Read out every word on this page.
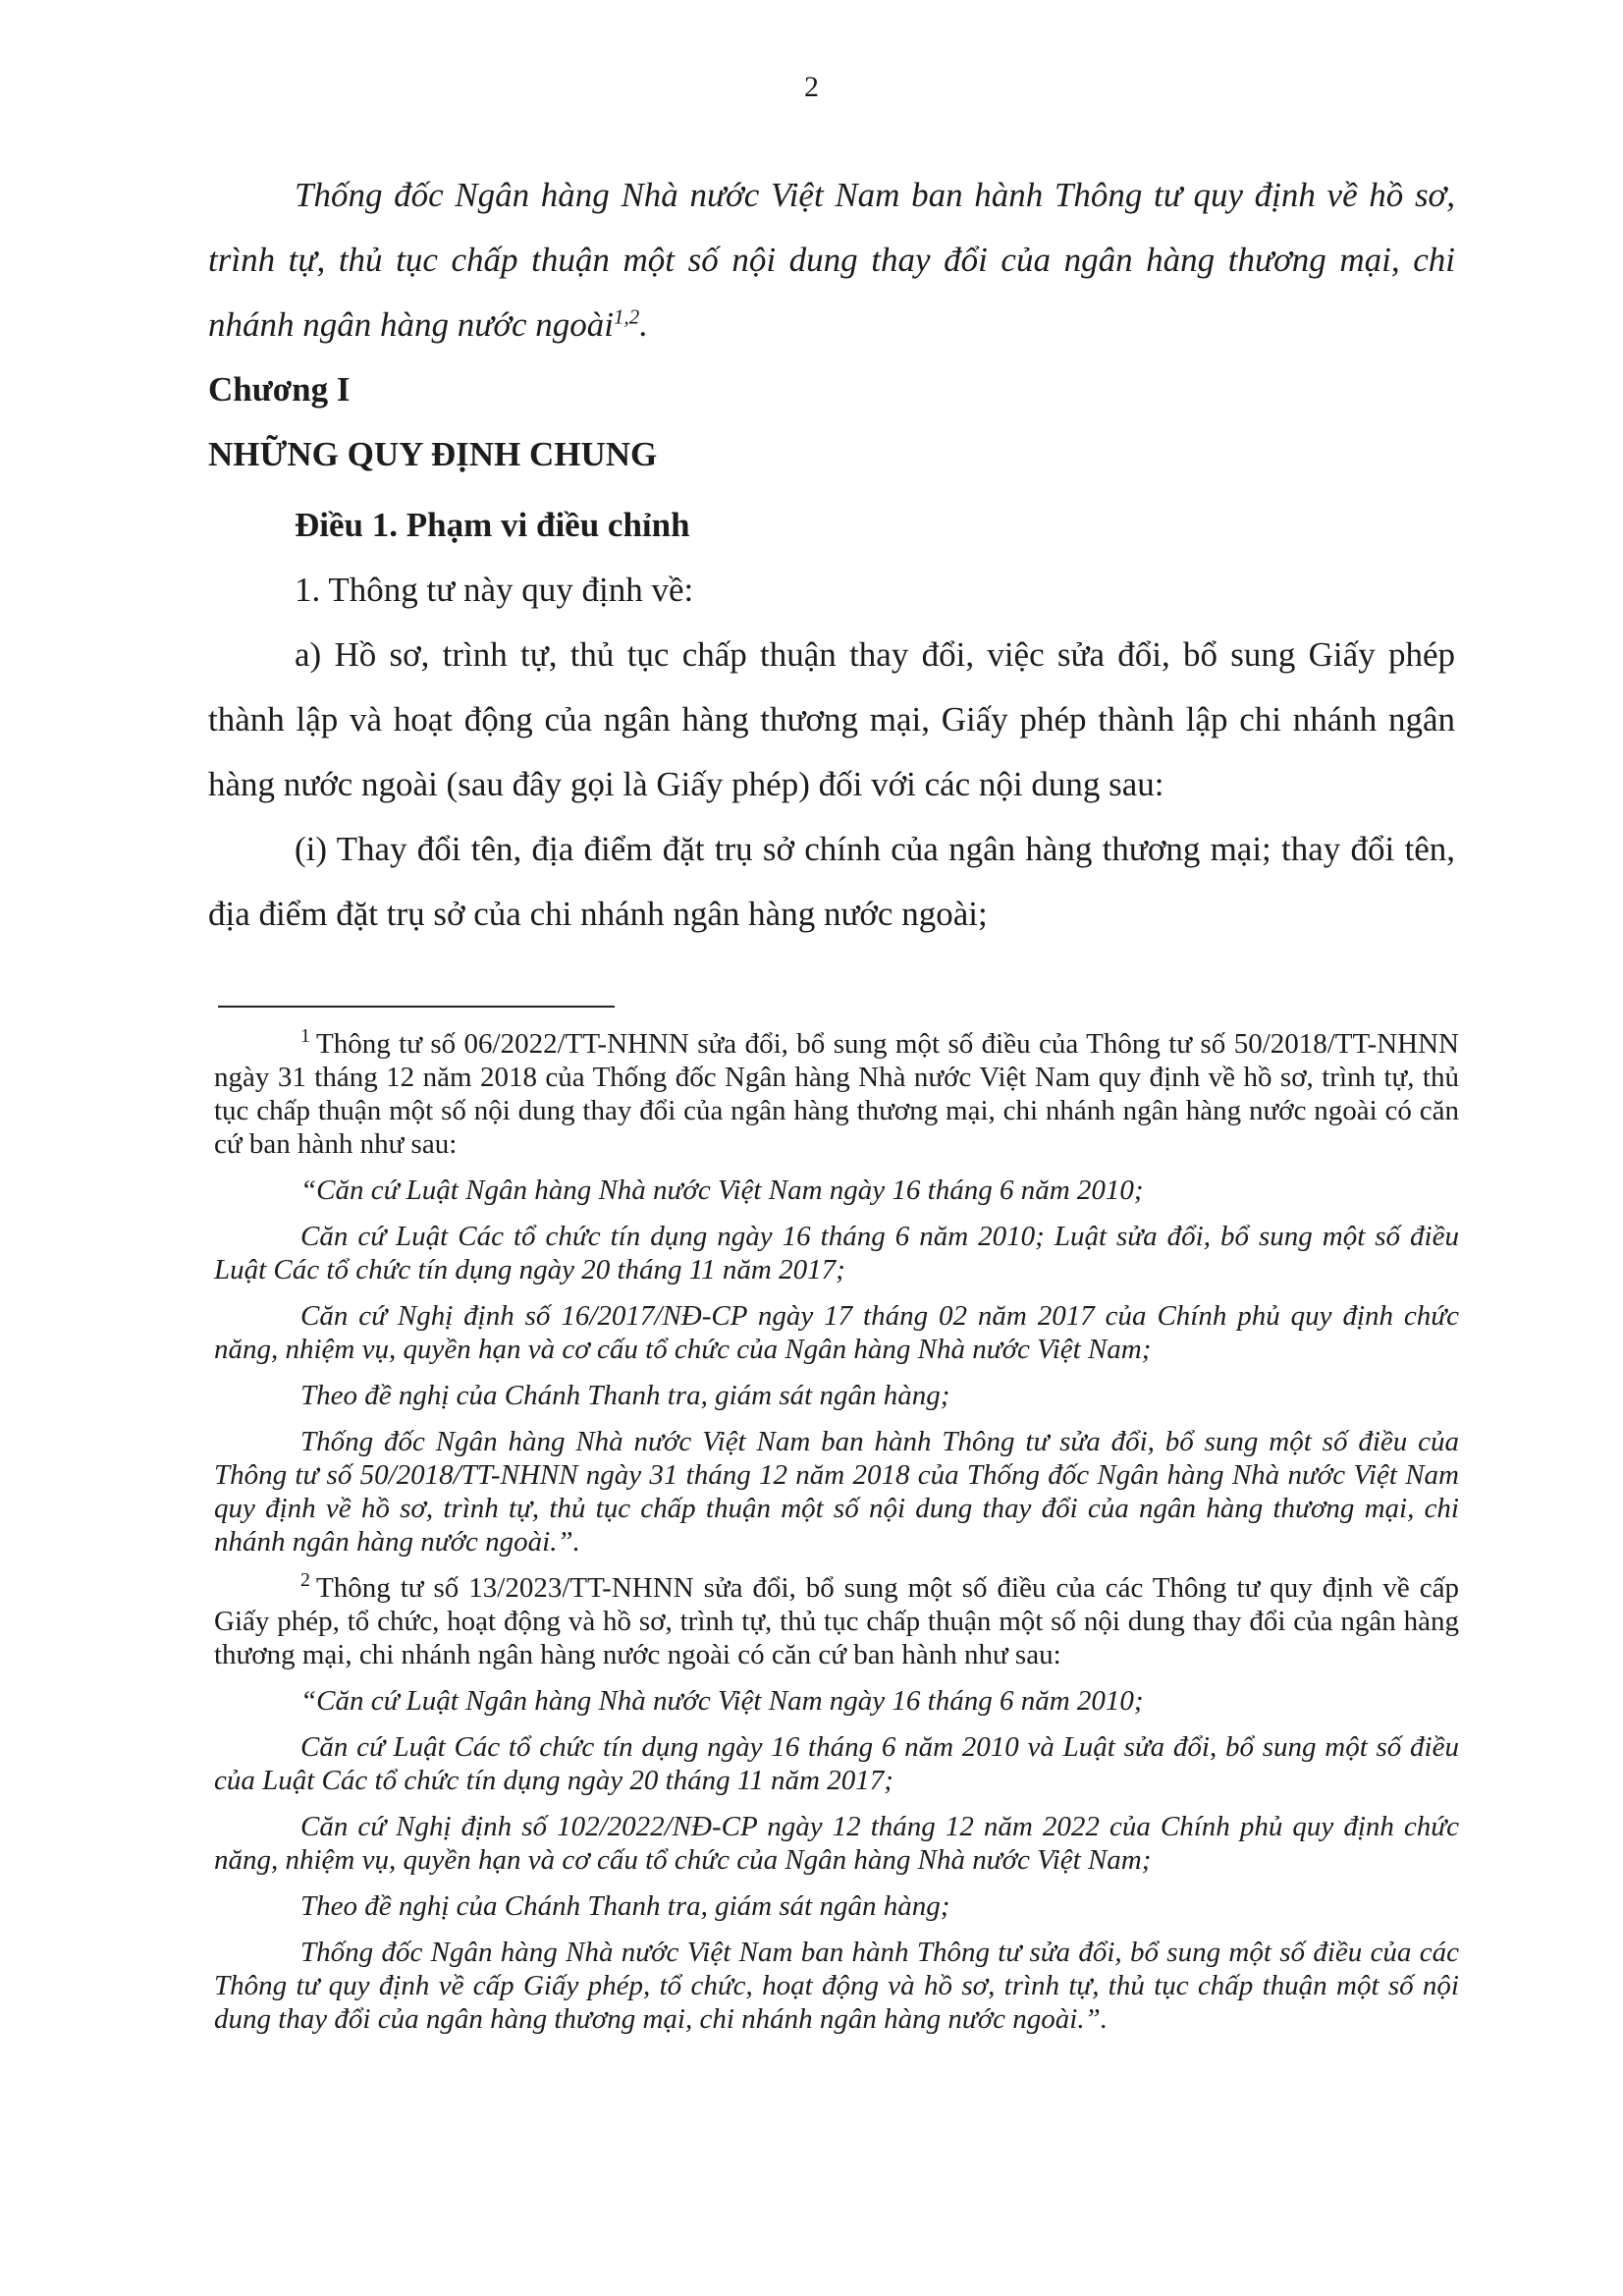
2

Thống đốc Ngân hàng Nhà nước Việt Nam ban hành Thông tư quy định về hồ sơ, trình tự, thủ tục chấp thuận một số nội dung thay đổi của ngân hàng thương mại, chi nhánh ngân hàng nước ngoài$^{1,2}$.

Chương I

NHỮNG QUY ĐỊNH CHUNG

Điều 1. Phạm vi điều chỉnh

1. Thông tư này quy định về:

a) Hồ sơ, trình tự, thủ tục chấp thuận thay đổi, việc sửa đổi, bổ sung Giấy phép thành lập và hoạt động của ngân hàng thương mại, Giấy phép thành lập chi nhánh ngân hàng nước ngoài (sau đây gọi là Giấy phép) đối với các nội dung sau:

(i) Thay đổi tên, địa điểm đặt trụ sở chính của ngân hàng thương mại; thay đổi tên, địa điểm đặt trụ sở của chi nhánh ngân hàng nước ngoài;

$^1$ Thông tư số 06/2022/TT-NHNN sửa đổi, bổ sung một số điều của Thông tư số 50/2018/TT-NHNN ngày 31 tháng 12 năm 2018 của Thống đốc Ngân hàng Nhà nước Việt Nam quy định về hồ sơ, trình tự, thủ tục chấp thuận một số nội dung thay đổi của ngân hàng thương mại, chi nhánh ngân hàng nước ngoài có căn cứ ban hành như sau:

“Căn cứ Luật Ngân hàng Nhà nước Việt Nam ngày 16 tháng 6 năm 2010;

Căn cứ Luật Các tổ chức tín dụng ngày 16 tháng 6 năm 2010; Luật sửa đổi, bổ sung một số điều Luật Các tổ chức tín dụng ngày 20 tháng 11 năm 2017;

Căn cứ Nghị định số 16/2017/NĐ-CP ngày 17 tháng 02 năm 2017 của Chính phủ quy định chức năng, nhiệm vụ, quyền hạn và cơ cấu tổ chức của Ngân hàng Nhà nước Việt Nam;

Theo đề nghị của Chánh Thanh tra, giám sát ngân hàng;

Thống đốc Ngân hàng Nhà nước Việt Nam ban hành Thông tư sửa đổi, bổ sung một số điều của Thông tư số 50/2018/TT-NHNN ngày 31 tháng 12 năm 2018 của Thống đốc Ngân hàng Nhà nước Việt Nam quy định về hồ sơ, trình tự, thủ tục chấp thuận một số nội dung thay đổi của ngân hàng thương mại, chi nhánh ngân hàng nước ngoài.”.

$^2$ Thông tư số 13/2023/TT-NHNN sửa đổi, bổ sung một số điều của các Thông tư quy định về cấp Giấy phép, tổ chức, hoạt động và hồ sơ, trình tự, thủ tục chấp thuận một số nội dung thay đổi của ngân hàng thương mại, chi nhánh ngân hàng nước ngoài có căn cứ ban hành như sau:

“Căn cứ Luật Ngân hàng Nhà nước Việt Nam ngày 16 tháng 6 năm 2010;

Căn cứ Luật Các tổ chức tín dụng ngày 16 tháng 6 năm 2010 và Luật sửa đổi, bổ sung một số điều của Luật Các tổ chức tín dụng ngày 20 tháng 11 năm 2017;

Căn cứ Nghị định số 102/2022/NĐ-CP ngày 12 tháng 12 năm 2022 của Chính phủ quy định chức năng, nhiệm vụ, quyền hạn và cơ cấu tổ chức của Ngân hàng Nhà nước Việt Nam;

Theo đề nghị của Chánh Thanh tra, giám sát ngân hàng;

Thống đốc Ngân hàng Nhà nước Việt Nam ban hành Thông tư sửa đổi, bổ sung một số điều của các Thông tư quy định về cấp Giấy phép, tổ chức, hoạt động và hồ sơ, trình tự, thủ tục chấp thuận một số nội dung thay đổi của ngân hàng thương mại, chi nhánh ngân hàng nước ngoài.”.
